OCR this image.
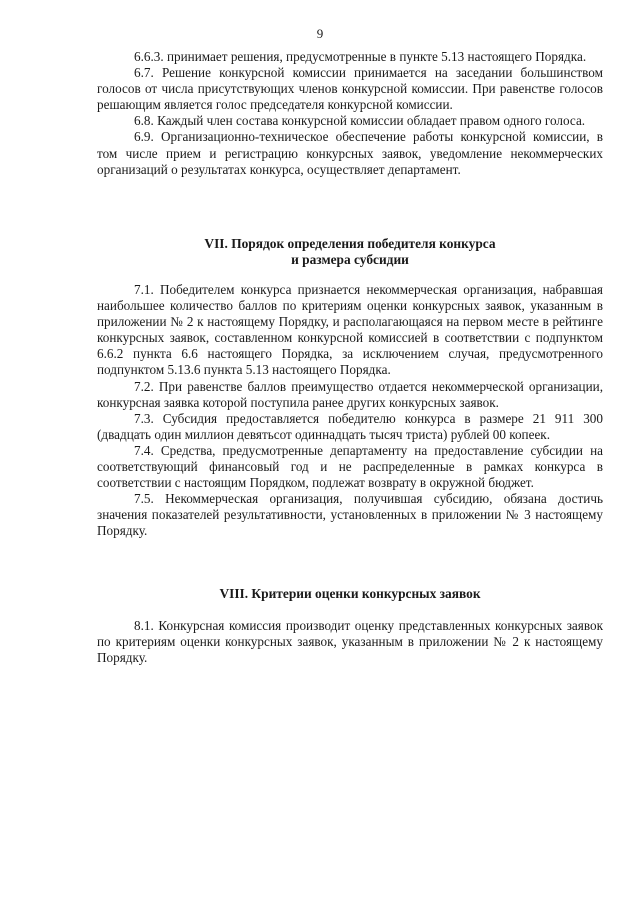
9

6.6.3. принимает решения, предусмотренные в пункте 5.13 настоящего Порядка.

6.7. Решение конкурсной комиссии принимается на заседании большинством голосов от числа присутствующих членов конкурсной комиссии. При равенстве голосов решающим является голос председателя конкурсной комиссии.

6.8. Каждый член состава конкурсной комиссии обладает правом одного голоса.

6.9. Организационно-техническое обеспечение работы конкурсной комиссии, в том числе прием и регистрацию конкурсных заявок, уведомление некоммерческих организаций о результатах конкурса, осуществляет департамент.

VII. Порядок определения победителя конкурса
и размера субсидии

7.1. Победителем конкурса признается некоммерческая организация, набравшая наибольшее количество баллов по критериям оценки конкурсных заявок, указанным в приложении № 2 к настоящему Порядку, и располагающаяся на первом месте в рейтинге конкурсных заявок, составленном конкурсной комиссией в соответствии с подпунктом 6.6.2 пункта 6.6 настоящего Порядка, за исключением случая, предусмотренного подпунктом 5.13.6 пункта 5.13 настоящего Порядка.

7.2. При равенстве баллов преимущество отдается некоммерческой организации, конкурсная заявка которой поступила ранее других конкурсных заявок.

7.3. Субсидия предоставляется победителю конкурса в размере 21 911 300 (двадцать один миллион девятьсот одиннадцать тысяч триста) рублей 00 копеек.

7.4. Средства, предусмотренные департаменту на предоставление субсидии на соответствующий финансовый год и не распределенные в рамках конкурса в соответствии с настоящим Порядком, подлежат возврату в окружной бюджет.

7.5. Некоммерческая организация, получившая субсидию, обязана достичь значения показателей результативности, установленных в приложении № 3 настоящему Порядку.

VIII. Критерии оценки конкурсных заявок

8.1. Конкурсная комиссия производит оценку представленных конкурсных заявок по критериям оценки конкурсных заявок, указанным в приложении № 2 к настоящему Порядку.
